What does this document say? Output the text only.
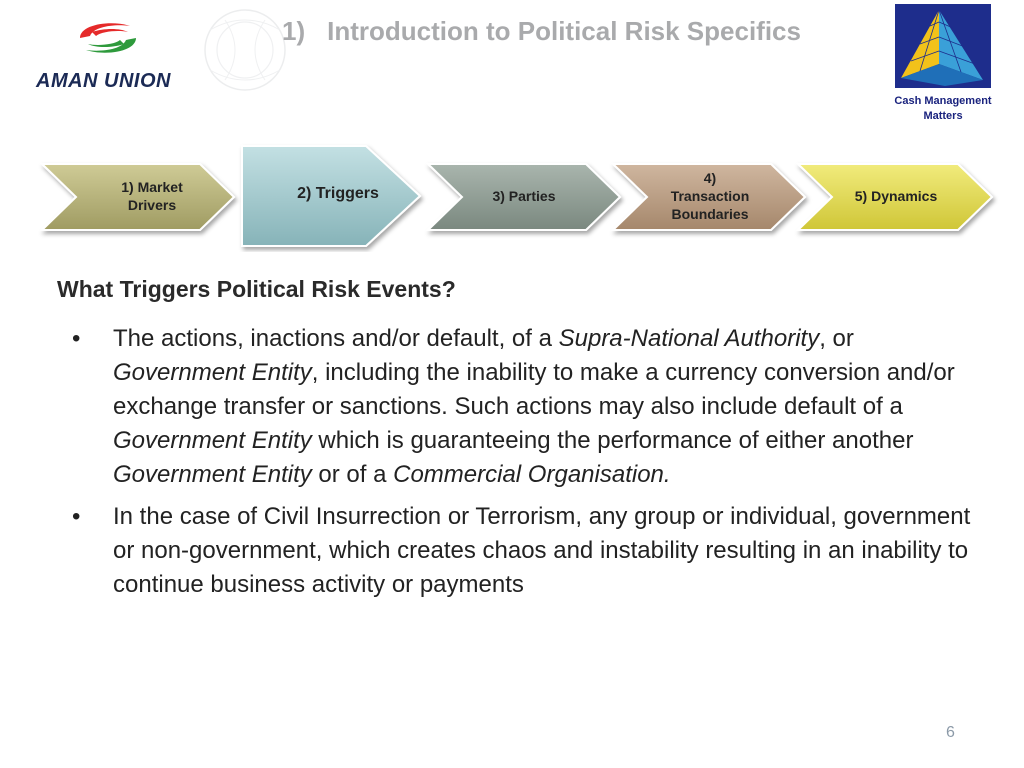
AMAN UNION
1) Introduction to Political Risk Specifics
Cash Management
Matters
1) Market
Drivers
2) Triggers	3) Parties
4)
Transaction
Boundaries
5) Dynamics
What Triggers Political Risk Events?
• The actions, inactions and/or default, of a Supra-National Authority, or Government Entity, including the inability to make a currency conversion and/or exchange transfer or sanctions. Such actions may also include default of a Government Entity which is guaranteeing the performance of either another Government Entity or of a Commercial Organisation.
• In the case of Civil Insurrection or Terrorism, any group or individual, government or non-government, which creates chaos and instability resulting in an inability to continue business activity or payments
6
